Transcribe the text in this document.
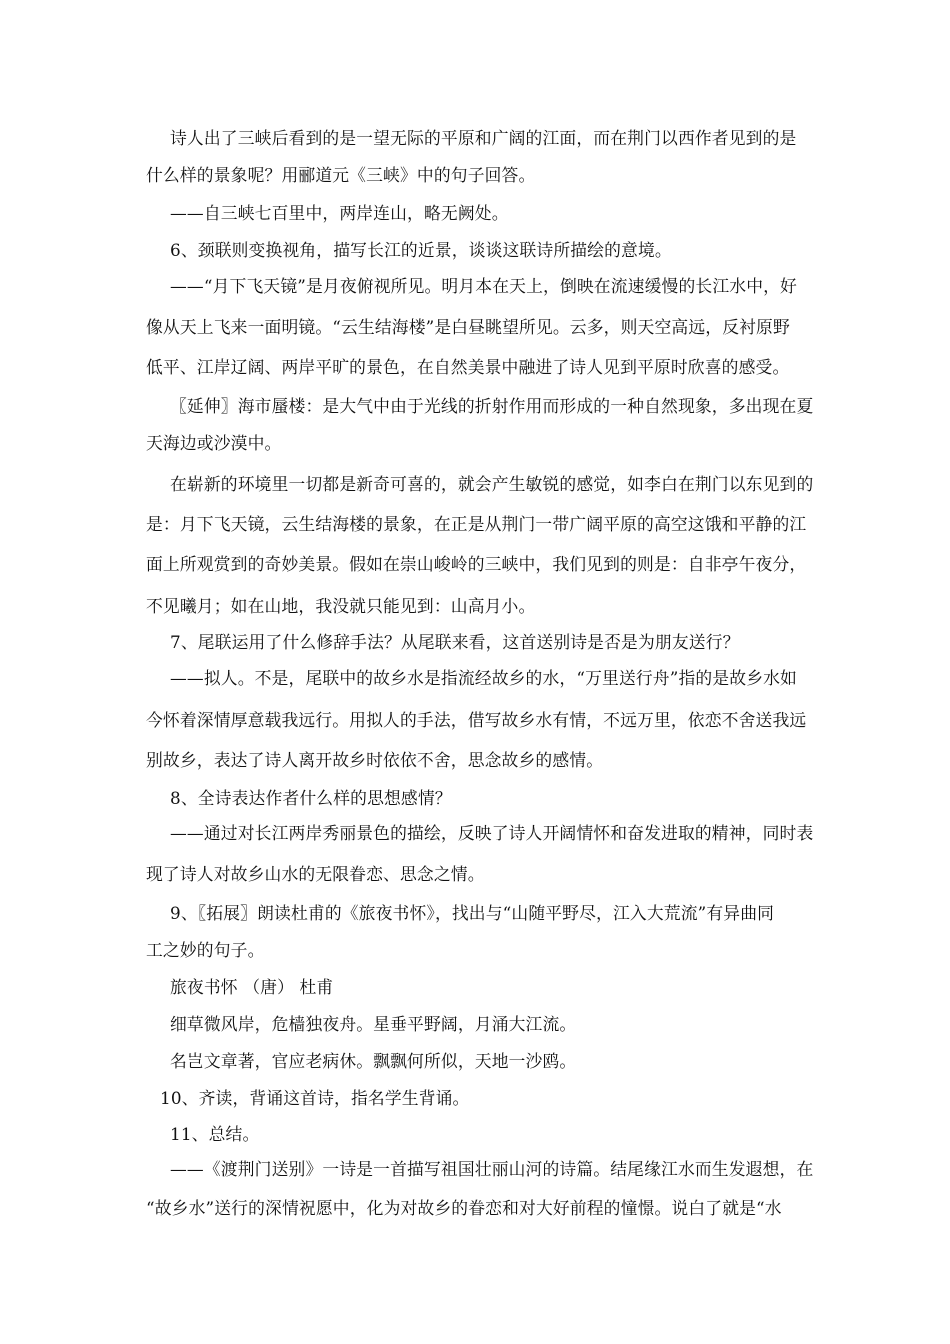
诗人出了三峡后看到的是一望无际的平原和广阔的江面，而在荆门以西作者见到的是
什么样的景象呢？用郦道元《三峡》中的句子回答。
——自三峡七百里中，两岸连山，略无阙处。
6、颈联则变换视角，描写长江的近景，谈谈这联诗所描绘的意境。
——“月下飞天镜”是月夜俯视所见。明月本在天上，倒映在流速缓慢的长江水中，好
像从天上飞来一面明镜。“云生结海楼”是白昼眺望所见。云多，则天空高远，反衬原野
低平、江岸辽阔、两岸平旷的景色，在自然美景中融进了诗人见到平原时欣喜的感受。
〖延伸〗海市蜃楼：是大气中由于光线的折射作用而形成的一种自然现象，多出现在夏
天海边或沙漠中。
在崭新的环境里一切都是新奇可喜的，就会产生敏锐的感觉，如李白在荆门以东见到的
是：月下飞天镜，云生结海楼的景象，在正是从荆门一带广阔平原的高空这饿和平静的江
面上所观赏到的奇妙美景。假如在崇山峻岭的三峡中，我们见到的则是：自非亭午夜分，
不见曦月；如在山地，我没就只能见到：山高月小。
7、尾联运用了什么修辞手法？从尾联来看，这首送别诗是否是为朋友送行？
——拟人。不是，尾联中的故乡水是指流经故乡的水，“万里送行舟”指的是故乡水如
今怀着深情厚意载我远行。用拟人的手法，借写故乡水有情，不远万里，依恋不舍送我远
别故乡，表达了诗人离开故乡时依依不舍，思念故乡的感情。
8、全诗表达作者什么样的思想感情？
——通过对长江两岸秀丽景色的描绘，反映了诗人开阔情怀和奋发进取的精神，同时表
现了诗人对故乡山水的无限眷恋、思念之情。
9、〖拓展〗朗读杜甫的《旅夜书怀》，找出与“山随平野尽，江入大荒流”有异曲同
工之妙的句子。
旅夜书怀 （唐） 杜甫
细草微风岸，危樯独夜舟。星垂平野阔，月涌大江流。
名岂文章著，官应老病休。飘飘何所似，天地一沙鸥。
10、齐读，背诵这首诗，指名学生背诵。
11、总结。
——《渡荆门送别》一诗是一首描写祖国壮丽山河的诗篇。结尾缘江水而生发遐想，在
“故乡水”送行的深情祝愿中，化为对故乡的眷恋和对大好前程的憧憬。说白了就是“水
